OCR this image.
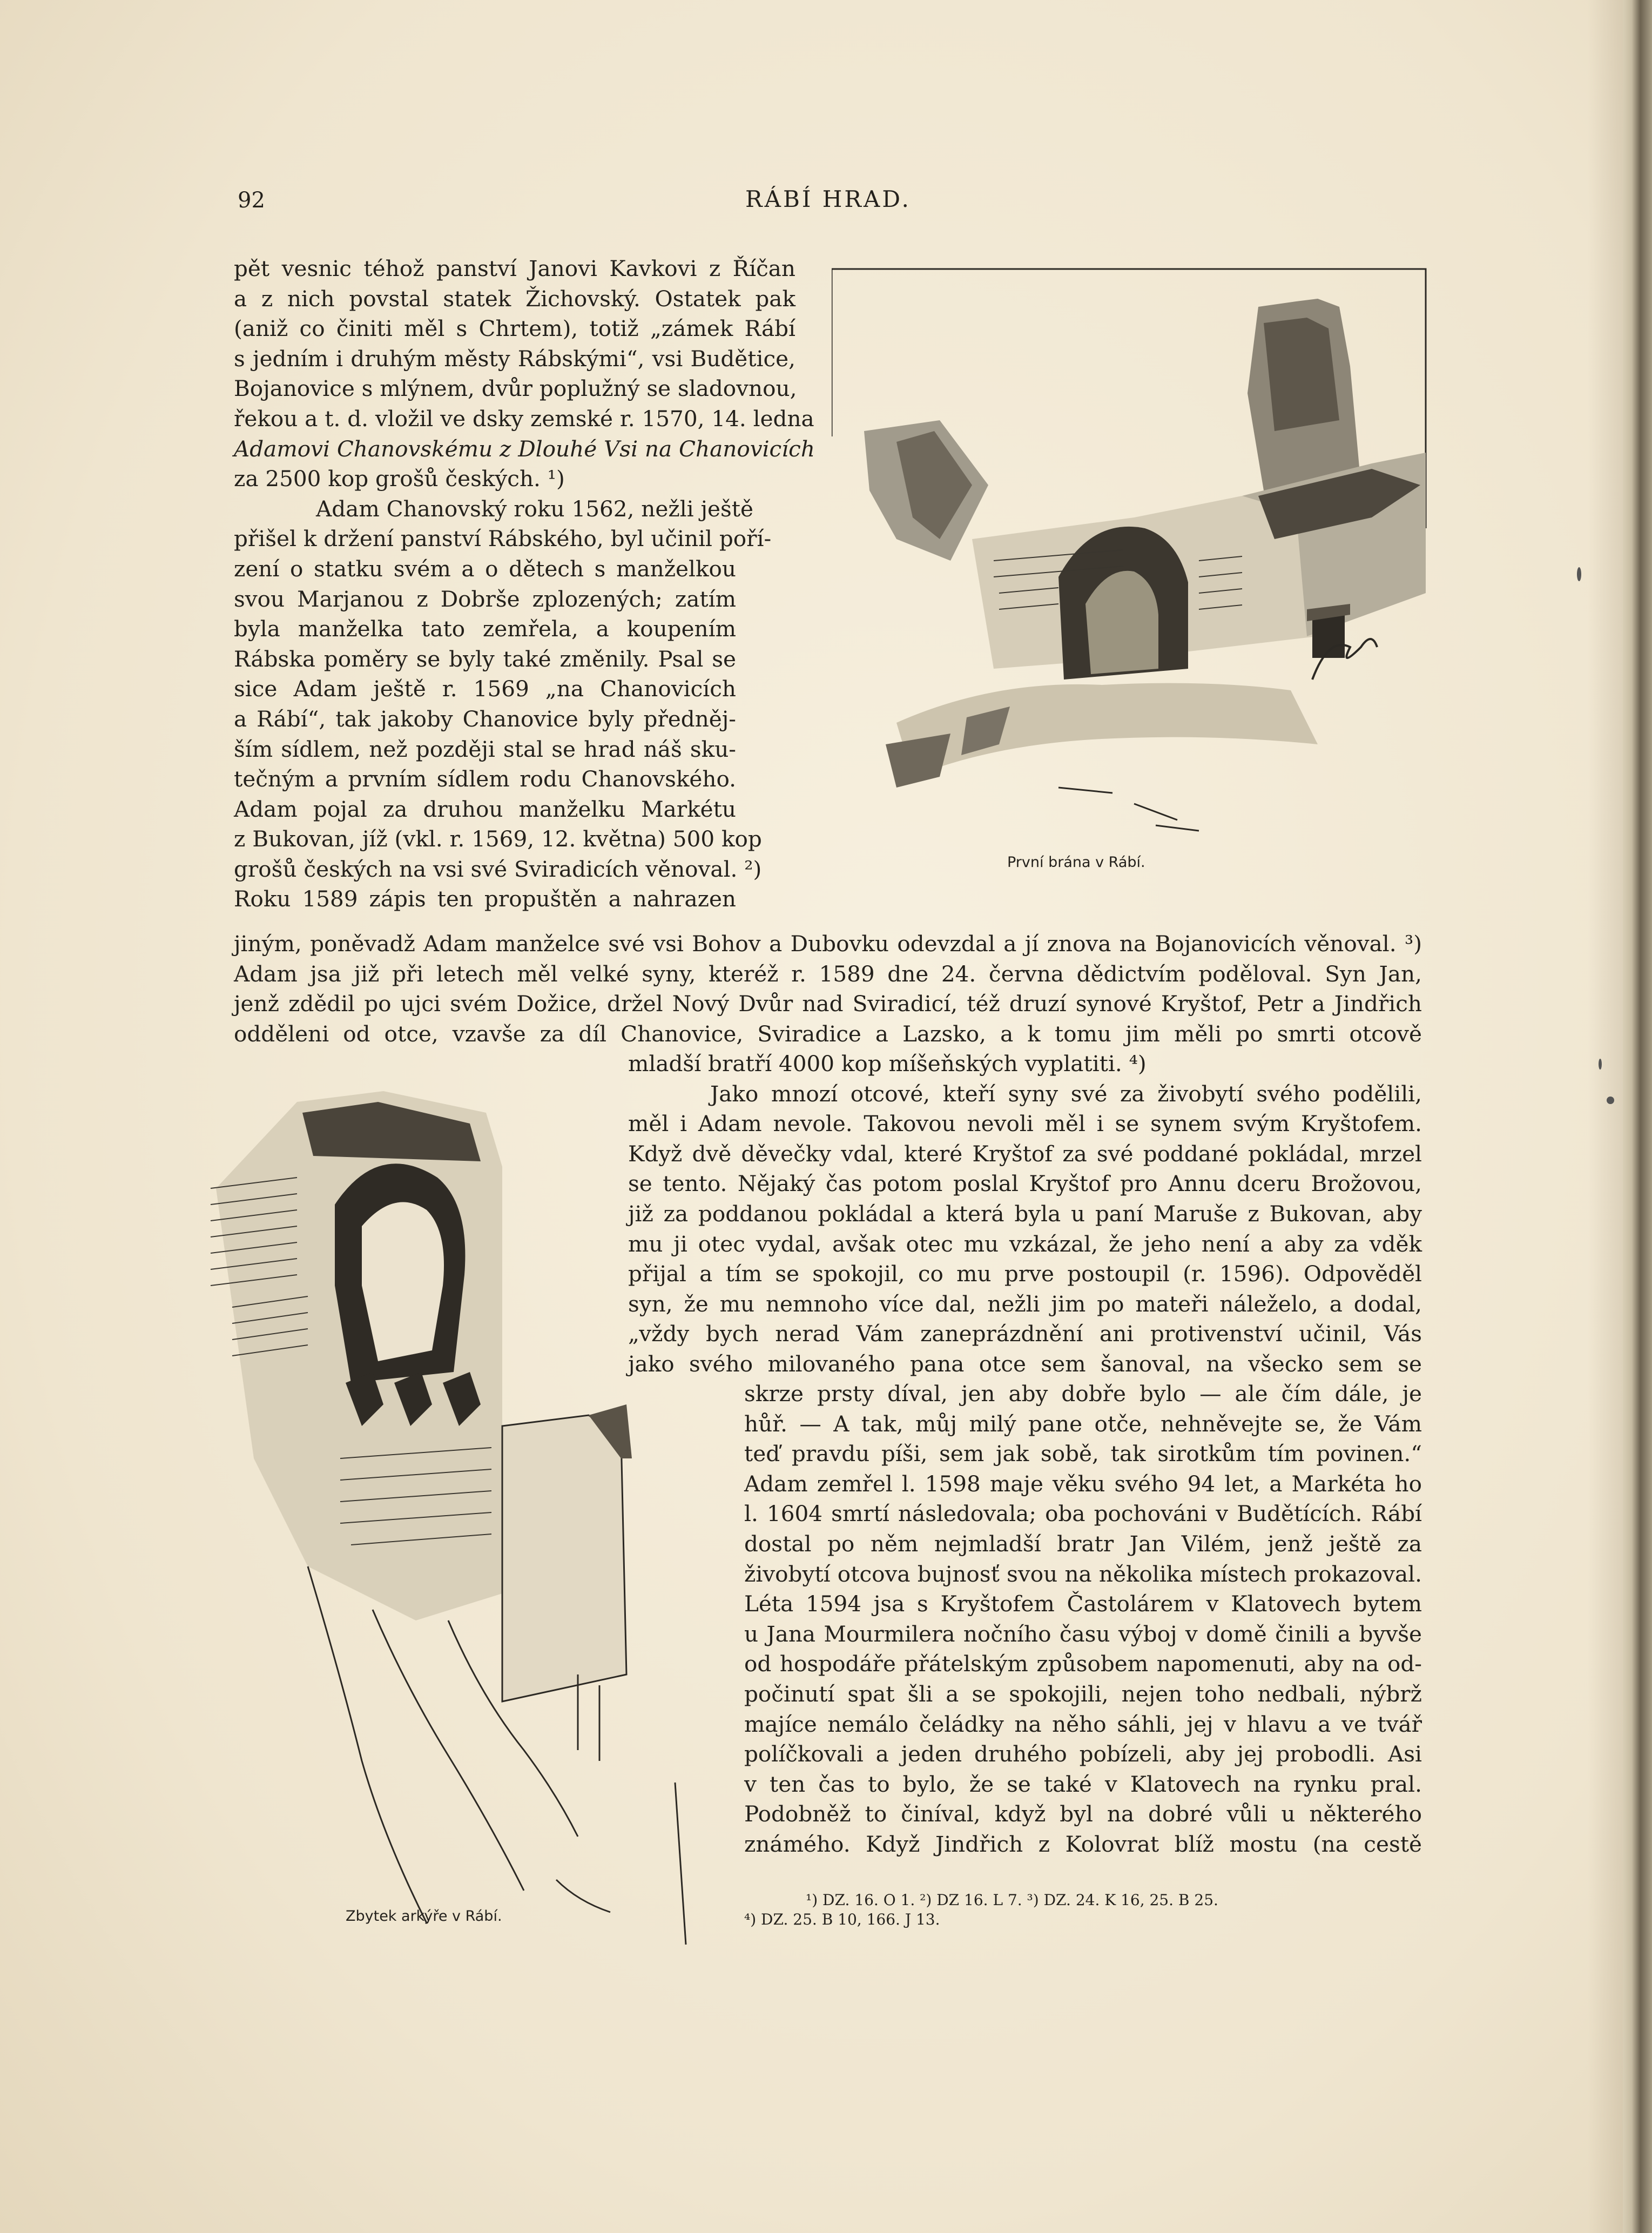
92	RÁBÍ HRAD.
pět vesnic téhož panství Janovi Kavkovi z Říčan
a z nich povstal statek Žichovský. Ostatek pak
(aniž co činiti měl s Chrtem), totiž „zámek Rábí
s jedním i druhým městy Rábskými“, vsi Budětice,
Bojanovice s mlýnem, dvůr poplužný se sladovnou,
řekou a t. d. vložil ve dsky zemské r. 1570, 14. ledna
Adamovi Chanovskému z Dlouhé Vsi na Chanovicích
za 2500 kop grošů českých. ¹)
Adam Chanovský roku 1562, nežli ještě
přišel k držení panství Rábského, byl učinil poří-
zení o statku svém a o dětech s manželkou
svou Marjanou z Dobrše zplozených; zatím
byla manželka tato zemřela, a koupením
Rábska poměry se byly také změnily. Psal se
sice Adam ještě r. 1569 „na Chanovicích
a Rábí“, tak jakoby Chanovice byly předněj-
ším sídlem, než později stal se hrad náš sku-
tečným a prvním sídlem rodu Chanovského.
Adam pojal za druhou manželku Markétu
z Bukovan, jíž (vkl. r. 1569, 12. května) 500 kop
grošů českých na vsi své Sviradicích věnoval. ²)
Roku 1589 zápis ten propuštěn a nahrazen
jiným, poněvadž Adam manželce své vsi Bohov a Dubovku odevzdal a jí znova na Bojanovicích věnoval. ³)
Adam jsa již při letech měl velké syny, kteréž r. 1589 dne 24. června dědictvím poděloval. Syn Jan,
jenž zdědil po ujci svém Dožice, držel Nový Dvůr nad Sviradicí, též druzí synové Kryštof, Petr a Jindřich
odděleni od otce, vzavše za díl Chanovice, Sviradice a Lazsko, a k tomu jim měli po smrti otcově
mladší bratří 4000 kop míšeňských vyplatiti. ⁴)
Jako mnozí otcové, kteří syny své za živobytí svého podělili,
měl i Adam nevole. Takovou nevoli měl i se synem svým Kryštofem.
Když dvě děvečky vdal, které Kryštof za své poddané pokládal, mrzel
se tento. Nějaký čas potom poslal Kryštof pro Annu dceru Brožovou,
již za poddanou pokládal a která byla u paní Maruše z Bukovan, aby
mu ji otec vydal, avšak otec mu vzkázal, že jeho není a aby za vděk
přijal a tím se spokojil, co mu prve postoupil (r. 1596). Odpověděl
syn, že mu nemnoho více dal, nežli jim po mateři náleželo, a dodal,
„vždy bych nerad Vám zaneprázdnění ani protivenství učinil, Vás
jako svého milovaného pana otce sem šanoval, na všecko sem se
skrze prsty díval, jen aby dobře bylo — ale čím dále, je
hůř. — A tak, můj milý pane otče, nehněvejte se, že Vám
teď pravdu píši, sem jak sobě, tak sirotkům tím povinen.“
Adam zemřel l. 1598 maje věku svého 94 let, a Markéta ho
l. 1604 smrtí následovala; oba pochováni v Budětících. Rábí
dostal po něm nejmladší bratr Jan Vilém, jenž ještě za
živobytí otcova bujnosť svou na několika místech prokazoval.
Léta 1594 jsa s Kryštofem Častolárem v Klatovech bytem
u Jana Mourmilera nočního času výboj v domě činili a byvše
od hospodáře přátelským způsobem napomenuti, aby na od-
počinutí spat šli a se spokojili, nejen toho nedbali, nýbrž
majíce nemálo čeládky na něho sáhli, jej v hlavu a ve tvář
políčkovali a jeden druhého pobízeli, aby jej probodli. Asi
v ten čas to bylo, že se také v Klatovech na rynku pral.
Podobněž to činíval, když byl na dobré vůli u některého
známého. Když Jindřich z Kolovrat blíž mostu (na cestě
První brána v Rábí.
Zbytek arkýře v Rábí.
¹) DZ. 16. O 1. ²) DZ 16. L 7. ³) DZ. 24. K 16, 25. B 25.
⁴) DZ. 25. B 10, 166. J 13.
